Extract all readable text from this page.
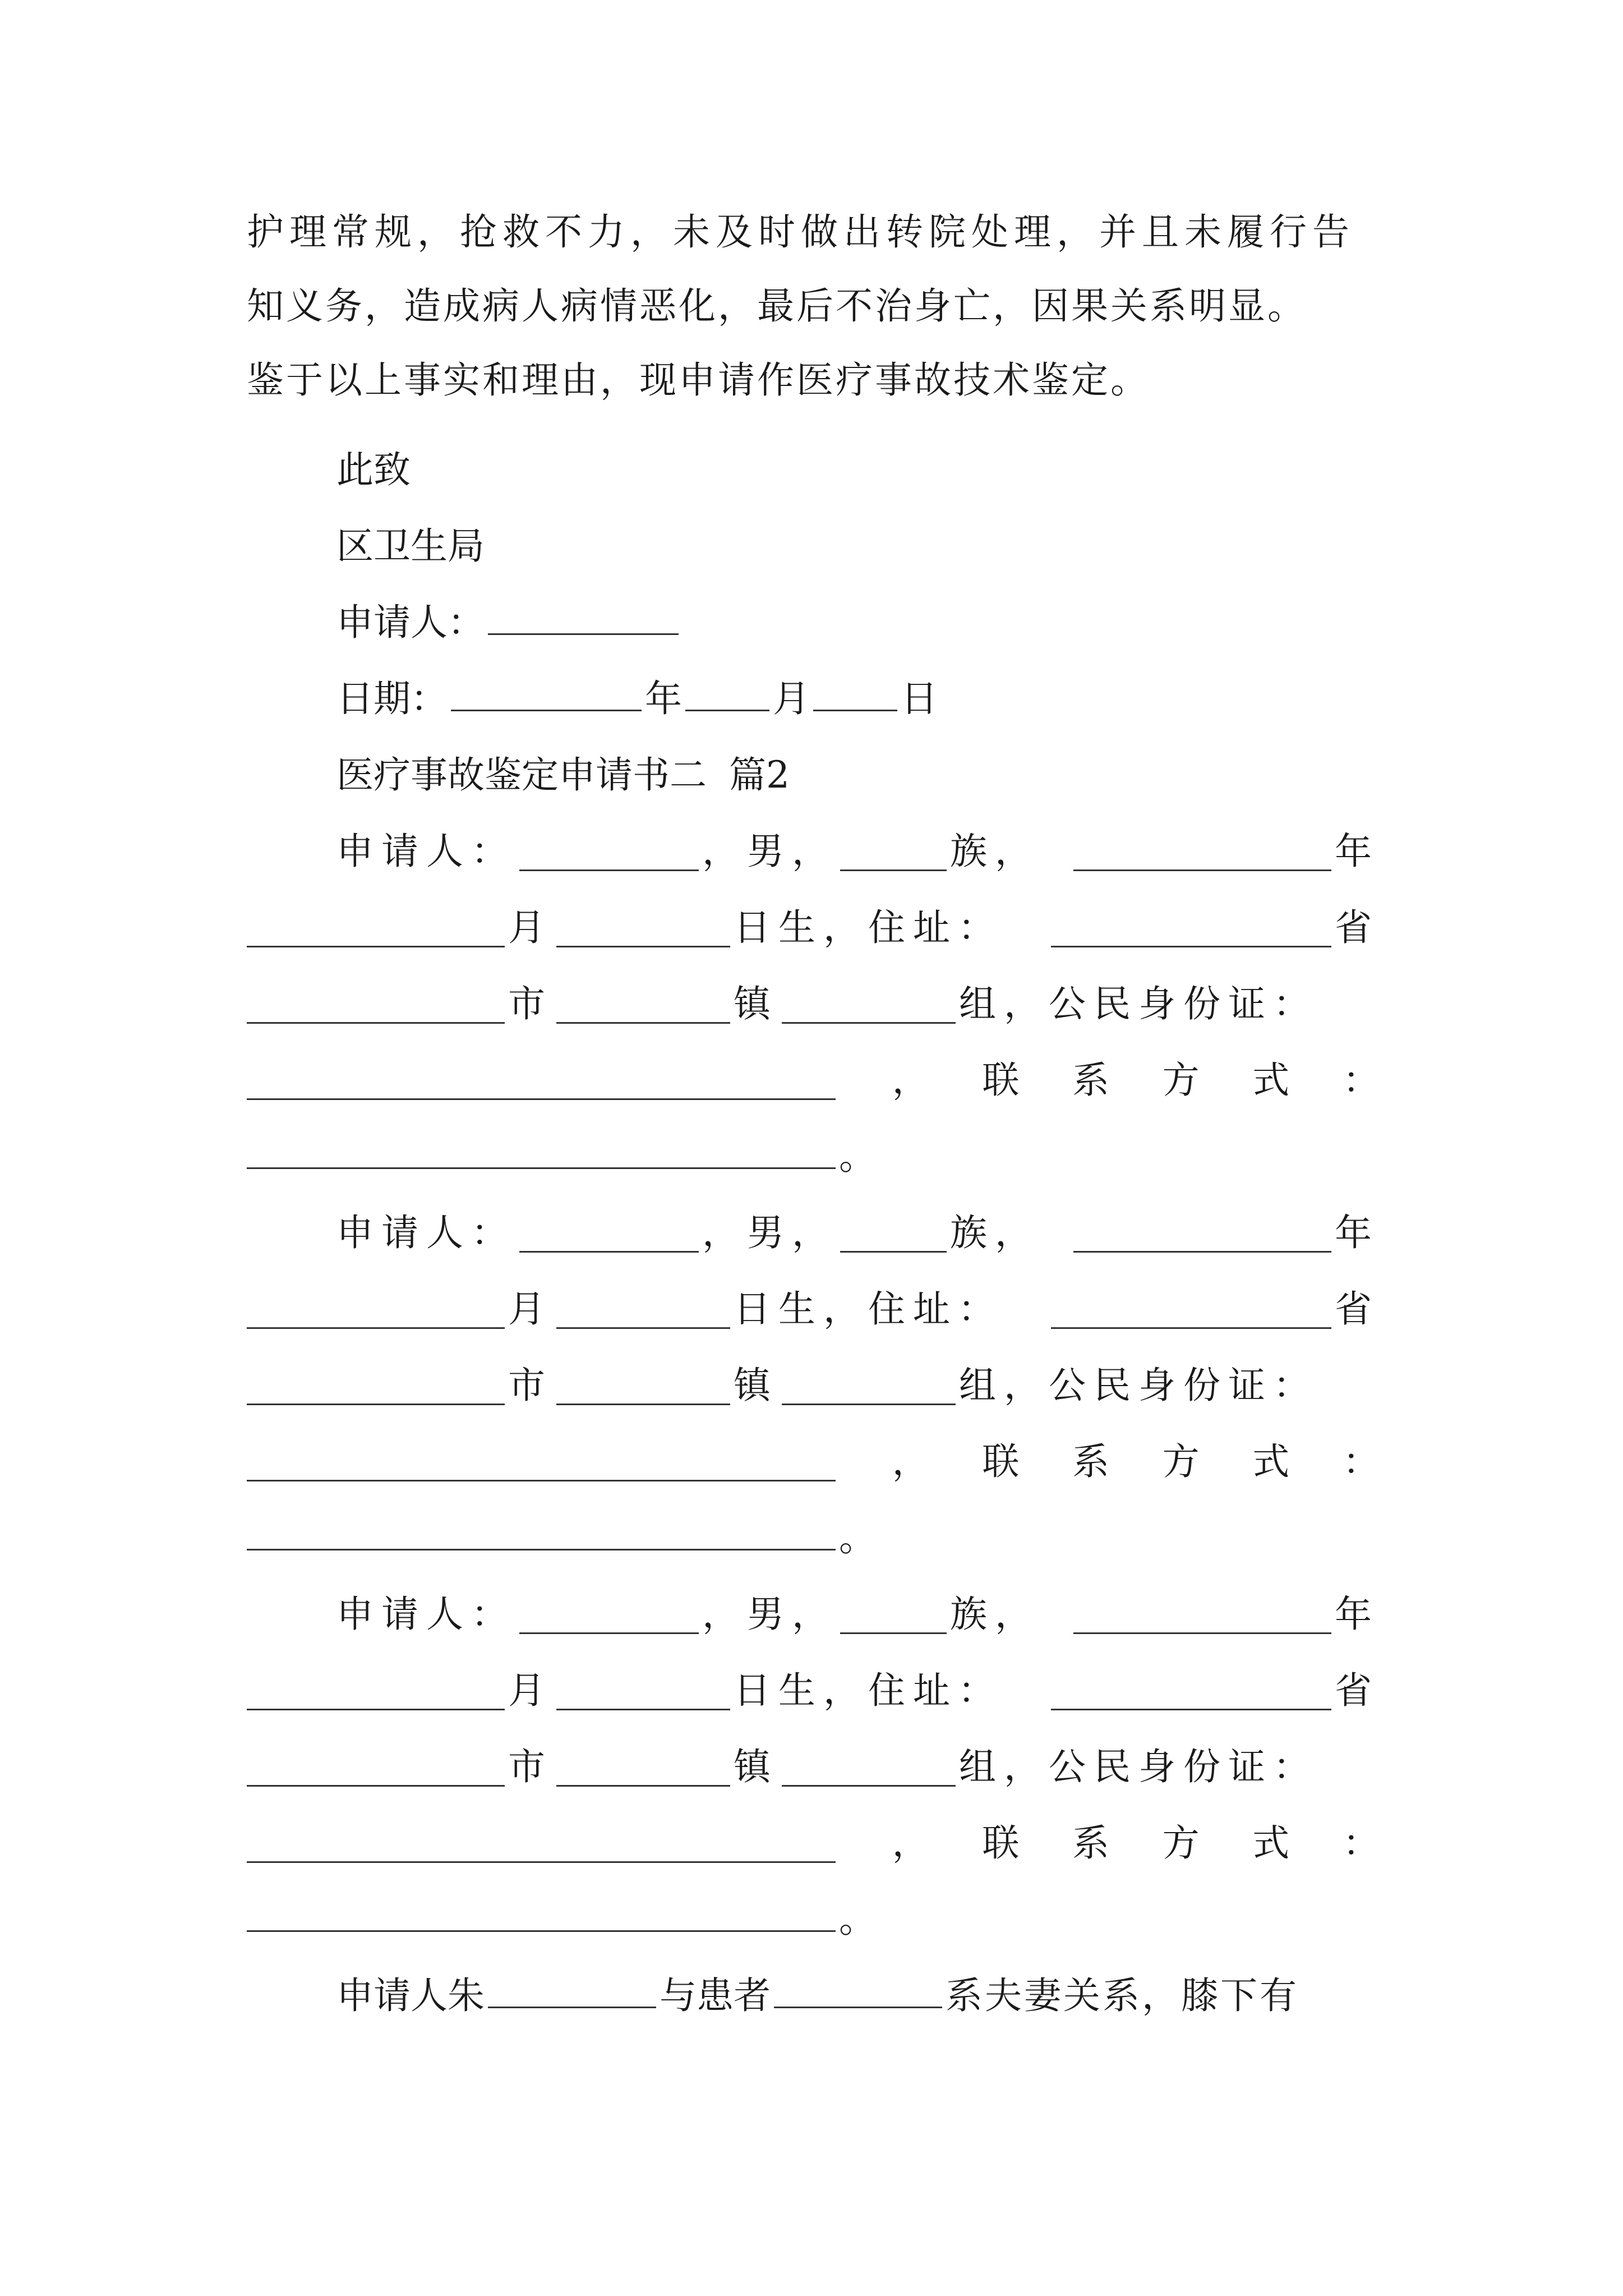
护理常规，抢救不力，未及时做出转院处理，并且未履行告
知义务，造成病人病情恶化，最后不治身亡，因果关系明显。
鉴于以上事实和理由，现申请作医疗事故技术鉴定。
此致
区卫生局
申请人：
日期：	年 月 日
医疗事故鉴定申请书二 篇2
申请人：	， 男，	族，	年
月	日生，住址：	省
市	镇	组，公民身份证：
， 联 系 方 式 ：
。
申请人：	， 男，	族，	年
月	日生，住址：	省
市	镇	组，公民身份证：
， 联 系 方 式 ：
。
申请人：	， 男，	族，	年
月	日生，住址：	省
市	镇	组，公民身份证：
， 联 系 方 式 ：
。
申请人朱	与患者	系夫妻关系，膝下有
